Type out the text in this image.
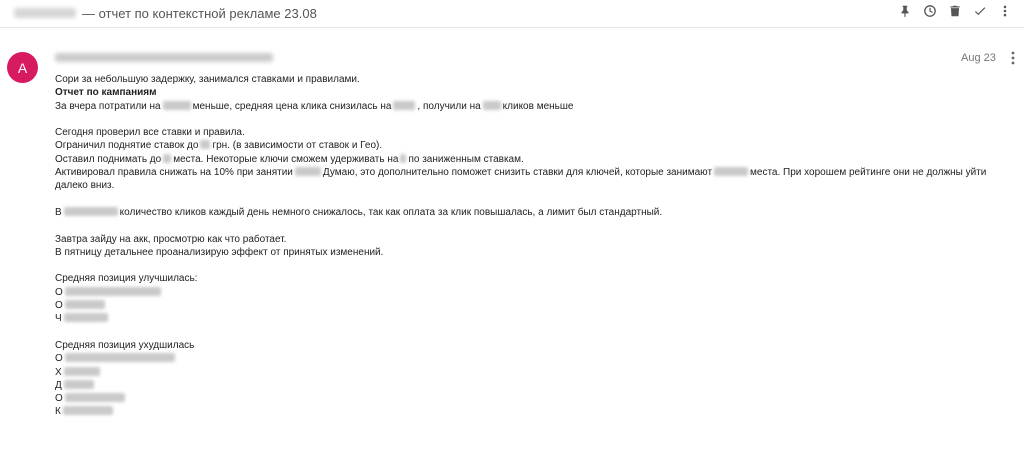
— отчет по контекстной рекламе 23.08
A
Aug 23

Сори за небольшую задержку, занимался ставками и правилами.

Отчет по кампаниям

За вчера потратили на	меньше, средняя цена клика снизилась на	, получили на кликов меньше

Сегодня проверил все ставки и правила.

Ограничил поднятие ставок до грн. (в зависимости от ставок и Гео).

Оставил поднимать до места. Некоторые ключи сможем удерживать на по заниженным ставкам.

Активировал правила снижать на 10% при занятии	Думаю, это дополнительно поможет снизить ставки для ключей, которые занимают	места. При хорошем рейтинге они не должны уйти далеко вниз.

В	количество кликов каждый день немного снижалось, так как оплата за клик повышалась, а лимит был стандартный.

Завтра зайду на акк, просмотрю как что работает.

В пятницу детальнее проанализирую эффект от принятых изменений.

Средняя позиция улучшилась:

О

О

Ч

Средняя позиция ухудшилась

О

Х

Д

О

К
